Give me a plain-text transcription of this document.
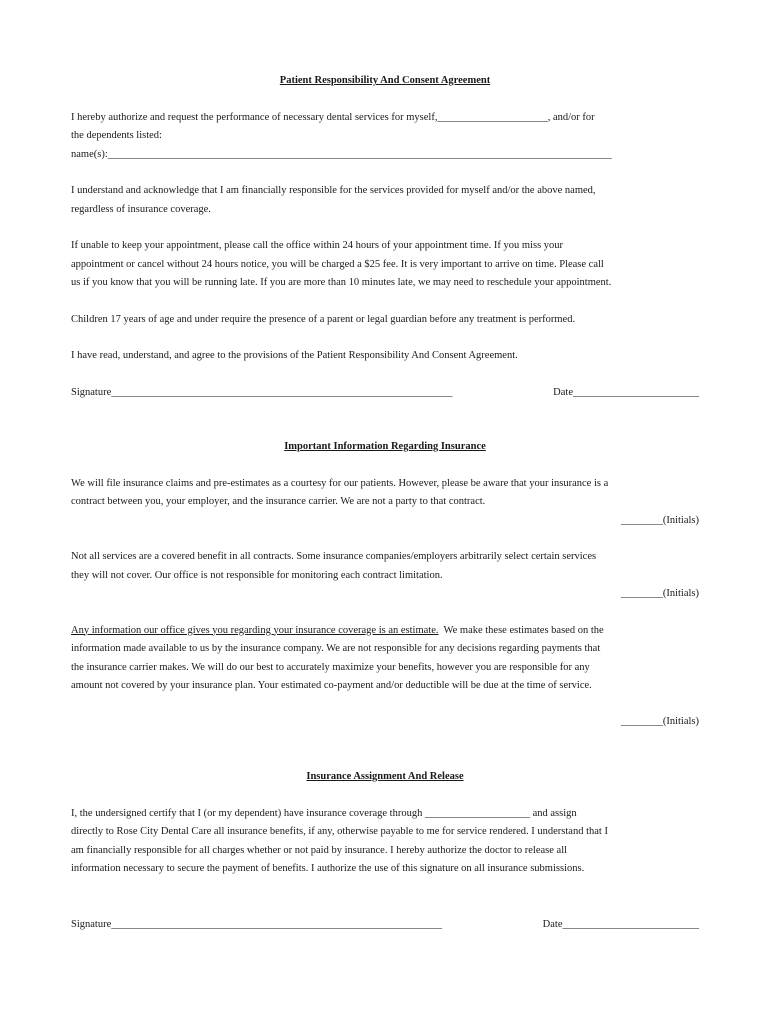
Patient Responsibility And Consent Agreement

I hereby authorize and request the performance of necessary dental services for myself,_____________________, and/or for
the dependents listed:
name(s):________________________________________________________________________________________________

I understand and acknowledge that I am financially responsible for the services provided for myself and/or the above named,
regardless of insurance coverage.

If unable to keep your appointment, please call the office within 24 hours of your appointment time. If you miss your
appointment or cancel without 24 hours notice, you will be charged a $25 fee. It is very important to arrive on time. Please call
us if you know that you will be running late. If you are more than 10 minutes late, we may need to reschedule your appointment.

Children 17 years of age and under require the presence of a parent or legal guardian before any treatment is performed.

I have read, understand, and agree to the provisions of the Patient Responsibility And Consent Agreement.

Signature_________________________________________________________________	Date________________________

Important Information Regarding Insurance

We will file insurance claims and pre-estimates as a courtesy for our patients. However, please be aware that your insurance is a
contract between you, your employer, and the insurance carrier. We are not a party to that contract.

________(Initials)

Not all services are a covered benefit in all contracts. Some insurance companies/employers arbitrarily select certain services
they will not cover. Our office is not responsible for monitoring each contract limitation.

________(Initials)

Any information our office gives you regarding your insurance coverage is an estimate.  We make these estimates based on the
information made available to us by the insurance company. We are not responsible for any decisions regarding payments that
the insurance carrier makes. We will do our best to accurately maximize your benefits, however you are responsible for any
amount not covered by your insurance plan. Your estimated co-payment and/or deductible will be due at the time of service.

________(Initials)

Insurance Assignment And Release

I, the undersigned certify that I (or my dependent) have insurance coverage through ____________________ and assign
directly to Rose City Dental Care all insurance benefits, if any, otherwise payable to me for service rendered. I understand that I
am financially responsible for all charges whether or not paid by insurance. I hereby authorize the doctor to release all
information necessary to secure the payment of benefits. I authorize the use of this signature on all insurance submissions.

Signature_______________________________________________________________	Date__________________________
